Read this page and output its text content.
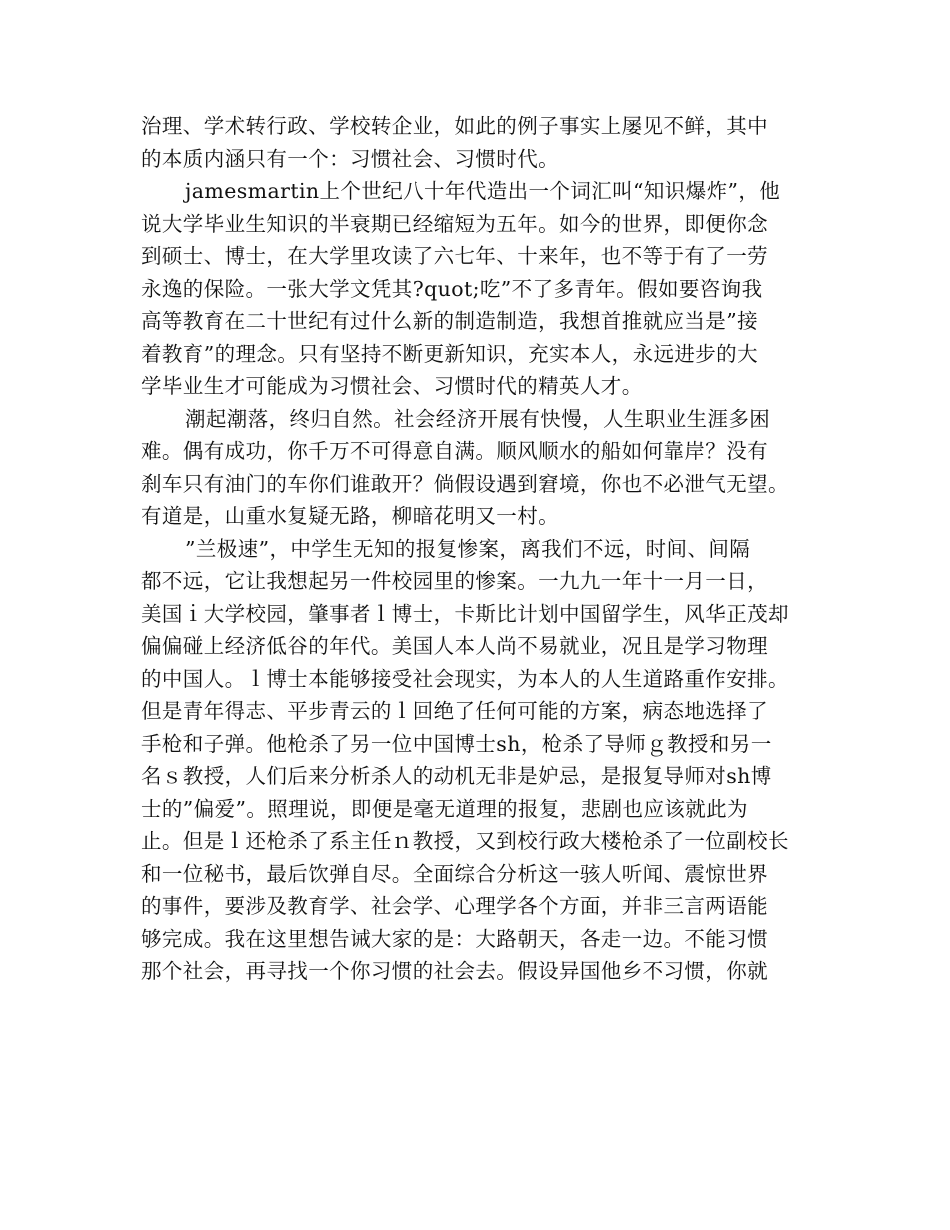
治理、学术转行政、学校转企业，如此的例子事实上屡见不鲜，其中
的本质内涵只有一个：习惯社会、习惯时代。
jamesmartin上个世纪八十年代造出一个词汇叫“知识爆炸”，他
说大学毕业生知识的半衰期已经缩短为五年。如今的世界，即便你念
到硕士、博士，在大学里攻读了六七年、十来年，也不等于有了一劳
永逸的保险。一张大学文凭其?quot;吃”不了多青年。假如要咨询我
高等教育在二十世纪有过什么新的制造制造，我想首推就应当是”接
着教育”的理念。只有坚持不断更新知识，充实本人，永远进步的大
学毕业生才可能成为习惯社会、习惯时代的精英人才。
潮起潮落，终归自然。社会经济开展有快慢，人生职业生涯多困
难。偶有成功，你千万不可得意自满。顺风顺水的船如何靠岸？没有
刹车只有油门的车你们谁敢开？倘假设遇到窘境，你也不必泄气无望。
有道是，山重水复疑无路，柳暗花明又一村。
”兰极速”，中学生无知的报复惨案，离我们不远，时间、间隔
都不远，它让我想起另一件校园里的惨案。一九九一年十一月一日，
美国ｉ大学校园，肇事者ｌ博士，卡斯比计划中国留学生，风华正茂却
偏偏碰上经济低谷的年代。美国人本人尚不易就业，况且是学习物理
的中国人。ｌ博士本能够接受社会现实，为本人的人生道路重作安排。
但是青年得志、平步青云的ｌ回绝了任何可能的方案，病态地选择了
手枪和子弹。他枪杀了另一位中国博士sh，枪杀了导师ｇ教授和另一
名ｓ教授，人们后来分析杀人的动机无非是妒忌，是报复导师对sh博
士的”偏爱”。照理说，即便是毫无道理的报复，悲剧也应该就此为
止。但是ｌ还枪杀了系主任ｎ教授，又到校行政大楼枪杀了一位副校长
和一位秘书，最后饮弹自尽。全面综合分析这一骇人听闻、震惊世界
的事件，要涉及教育学、社会学、心理学各个方面，并非三言两语能
够完成。我在这里想告诫大家的是：大路朝天，各走一边。不能习惯
那个社会，再寻找一个你习惯的社会去。假设异国他乡不习惯，你就
